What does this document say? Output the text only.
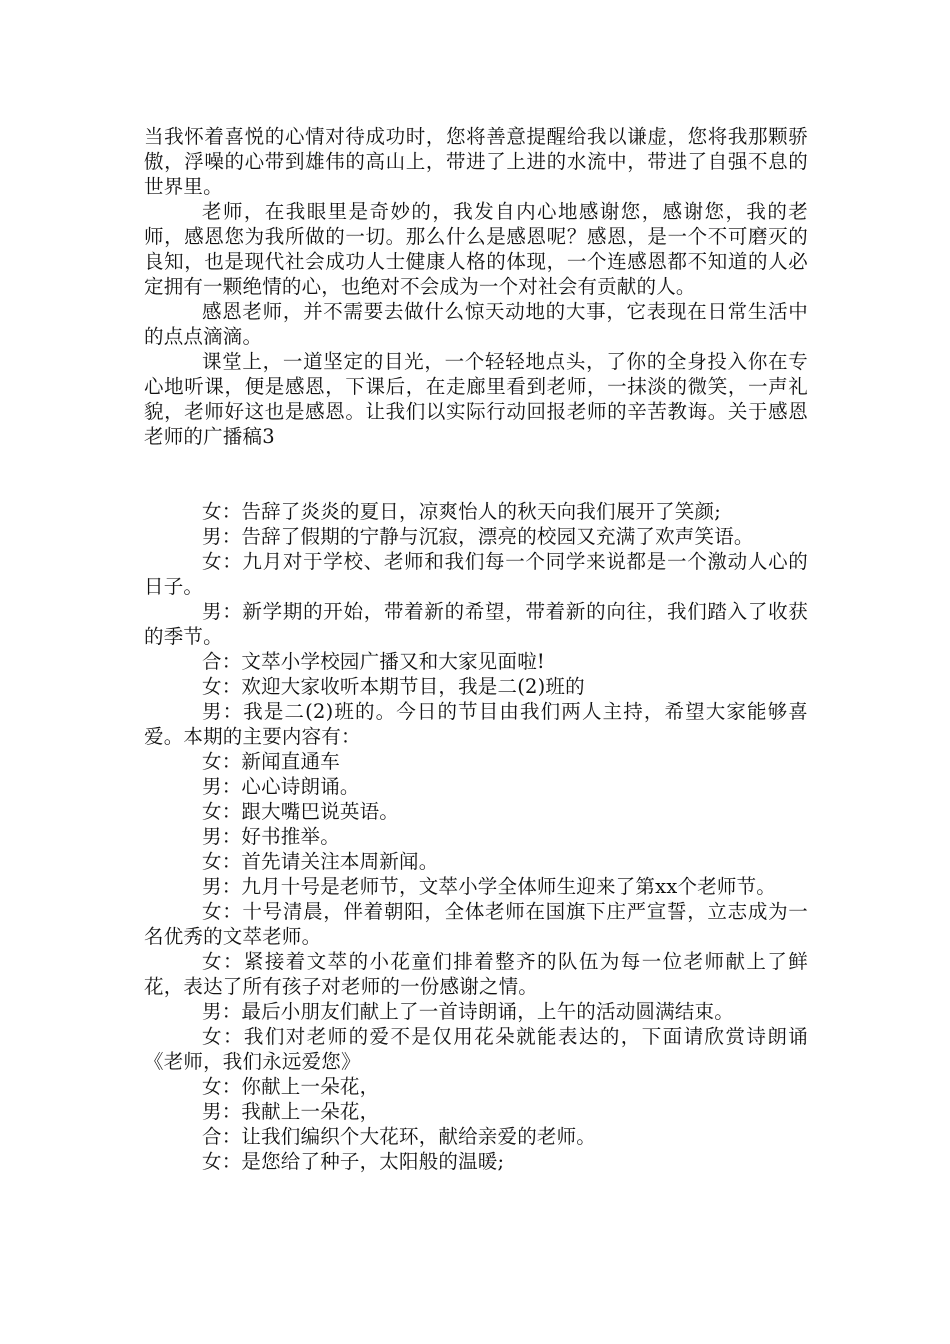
当我怀着喜悦的心情对待成功时，您将善意提醒给我以谦虚，您将我那颗骄傲，浮噪的心带到雄伟的高山上，带进了上进的水流中，带进了自强不息的世界里。

老师，在我眼里是奇妙的，我发自内心地感谢您，感谢您，我的老师，感恩您为我所做的一切。那么什么是感恩呢？感恩，是一个不可磨灭的良知，也是现代社会成功人士健康人格的体现，一个连感恩都不知道的人必定拥有一颗绝情的心，也绝对不会成为一个对社会有贡献的人。

感恩老师，并不需要去做什么惊天动地的大事，它表现在日常生活中的点点滴滴。

课堂上，一道坚定的目光，一个轻轻地点头，了你的全身投入你在专心地听课，便是感恩，下课后，在走廊里看到老师，一抹淡的微笑，一声礼貌，老师好这也是感恩。让我们以实际行动回报老师的辛苦教诲。关于感恩老师的广播稿3

女：告辞了炎炎的夏日，凉爽怡人的秋天向我们展开了笑颜;

男：告辞了假期的宁静与沉寂，漂亮的校园又充满了欢声笑语。

女：九月对于学校、老师和我们每一个同学来说都是一个激动人心的日子。

男：新学期的开始，带着新的希望，带着新的向往，我们踏入了收获的季节。

合：文萃小学校园广播又和大家见面啦!

女：欢迎大家收听本期节目，我是二(2)班的

男：我是二(2)班的。今日的节目由我们两人主持，希望大家能够喜爱。本期的主要内容有：

女：新闻直通车

男：心心诗朗诵。

女：跟大嘴巴说英语。

男：好书推举。

女：首先请关注本周新闻。

男：九月十号是老师节，文萃小学全体师生迎来了第xx个老师节。

女：十号清晨，伴着朝阳，全体老师在国旗下庄严宣誓，立志成为一名优秀的文萃老师。

女：紧接着文萃的小花童们排着整齐的队伍为每一位老师献上了鲜花，表达了所有孩子对老师的一份感谢之情。

男：最后小朋友们献上了一首诗朗诵，上午的活动圆满结束。

女：我们对老师的爱不是仅用花朵就能表达的，下面请欣赏诗朗诵《老师，我们永远爱您》

女：你献上一朵花，

男：我献上一朵花，

合：让我们编织个大花环，献给亲爱的老师。

女：是您给了种子，太阳般的温暖;
